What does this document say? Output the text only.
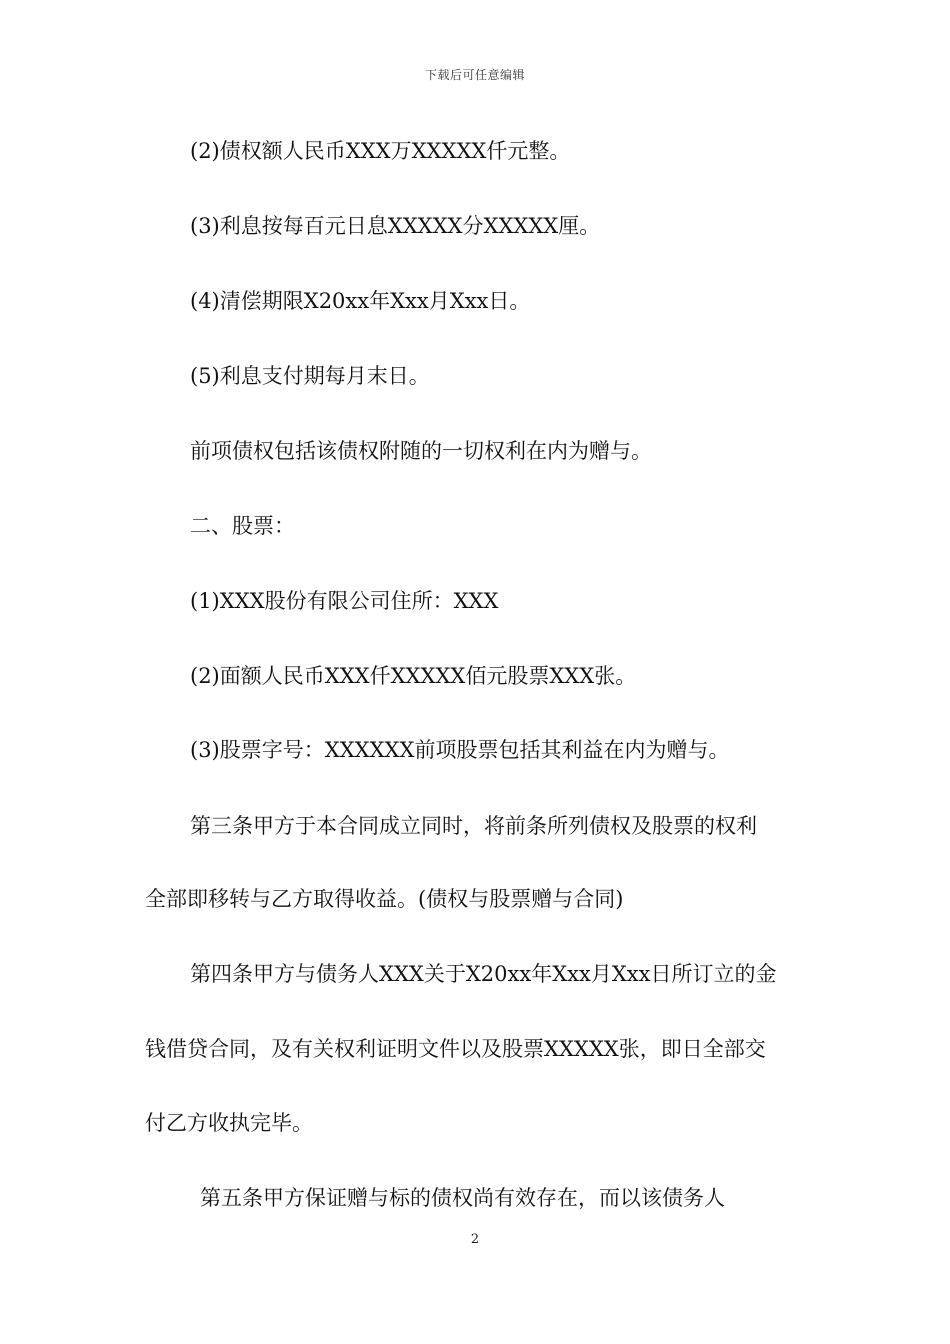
下载后可任意编辑
(2)债权额人民币XXX万XXXXX仟元整。
(3)利息按每百元日息XXXXX分XXXXX厘。
(4)清偿期限X20xx年Xxx月Xxx日。
(5)利息支付期每月末日。
前项债权包括该债权附随的一切权利在内为赠与。
二、股票：
(1)XXX股份有限公司住所：XXX
(2)面额人民币XXX仟XXXXX佰元股票XXX张。
(3)股票字号：XXXXXX前项股票包括其利益在内为赠与。
第三条甲方于本合同成立同时，将前条所列债权及股票的权利
全部即移转与乙方取得收益。(债权与股票赠与合同)
第四条甲方与债务人XXX关于X20xx年Xxx月Xxx日所订立的金
钱借贷合同，及有关权利证明文件以及股票XXXXX张，即日全部交
付乙方收执完毕。
第五条甲方保证赠与标的债权尚有效存在，而以该债务人
2
